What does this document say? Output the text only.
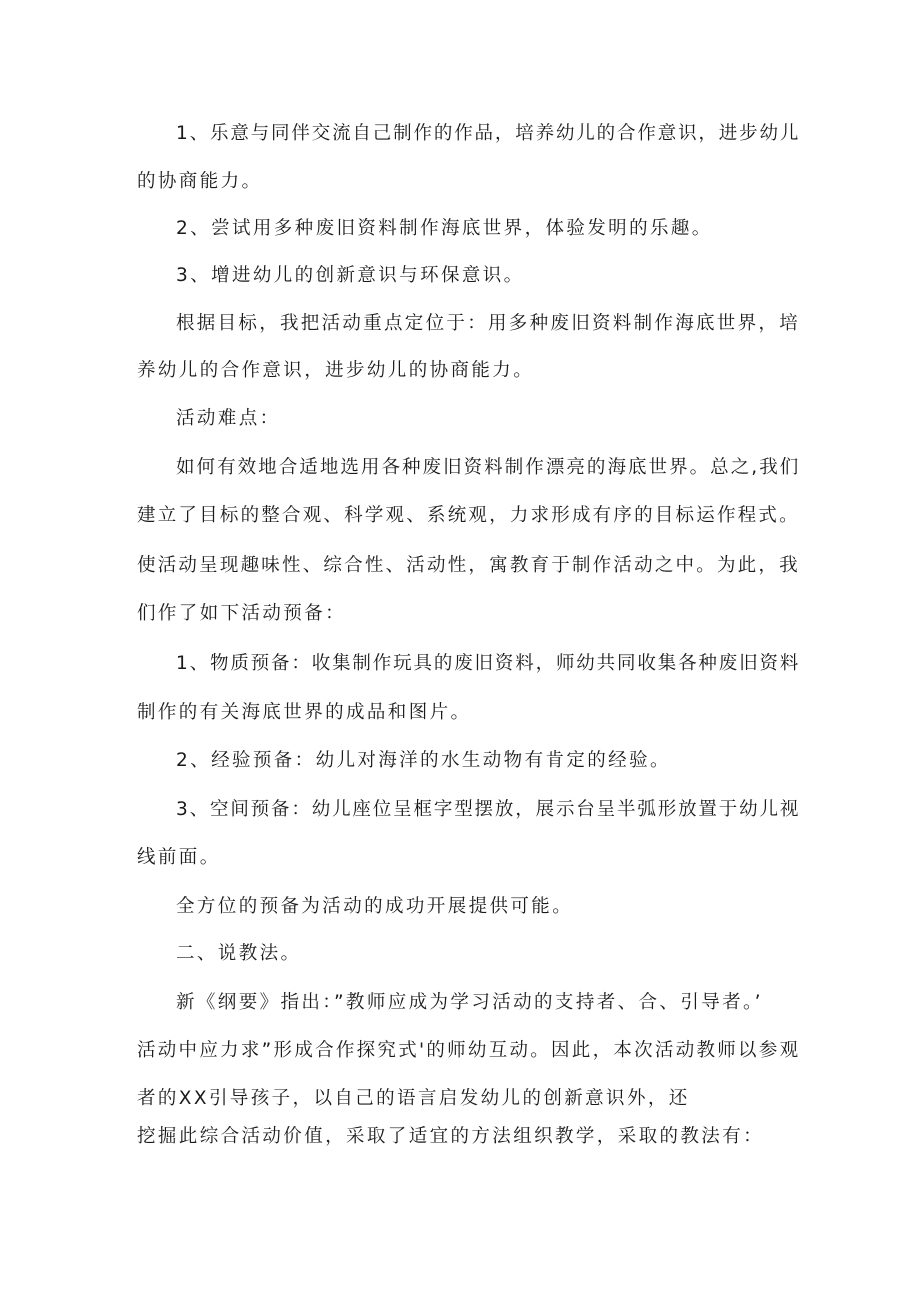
1、乐意与同伴交流自己制作的作品，培养幼儿的合作意识，进步幼儿
的协商能力。
2、尝试用多种废旧资料制作海底世界，体验发明的乐趣。
3、增进幼儿的创新意识与环保意识。
根据目标，我把活动重点定位于：用多种废旧资料制作海底世界，培
养幼儿的合作意识，进步幼儿的协商能力。
活动难点：
如何有效地合适地选用各种废旧资料制作漂亮的海底世界。总之,我们
建立了目标的整合观、科学观、系统观，力求形成有序的目标运作程式。
使活动呈现趣味性、综合性、活动性，寓教育于制作活动之中。为此，我
们作了如下活动预备：
1、物质预备：收集制作玩具的废旧资料，师幼共同收集各种废旧资料
制作的有关海底世界的成品和图片。
2、经验预备：幼儿对海洋的水生动物有肯定的经验。
3、空间预备：幼儿座位呈框字型摆放，展示台呈半弧形放置于幼儿视
线前面。
全方位的预备为活动的成功开展提供可能。
二、说教法。
新《纲要》指出：”教师应成为学习活动的支持者、合、引导者。’
活动中应力求”形成合作探究式'的师幼互动。因此，本次活动教师以参观
者的XX引导孩子，以自己的语言启发幼儿的创新意识外，还
挖掘此综合活动价值，采取了适宜的方法组织教学，采取的教法有：
